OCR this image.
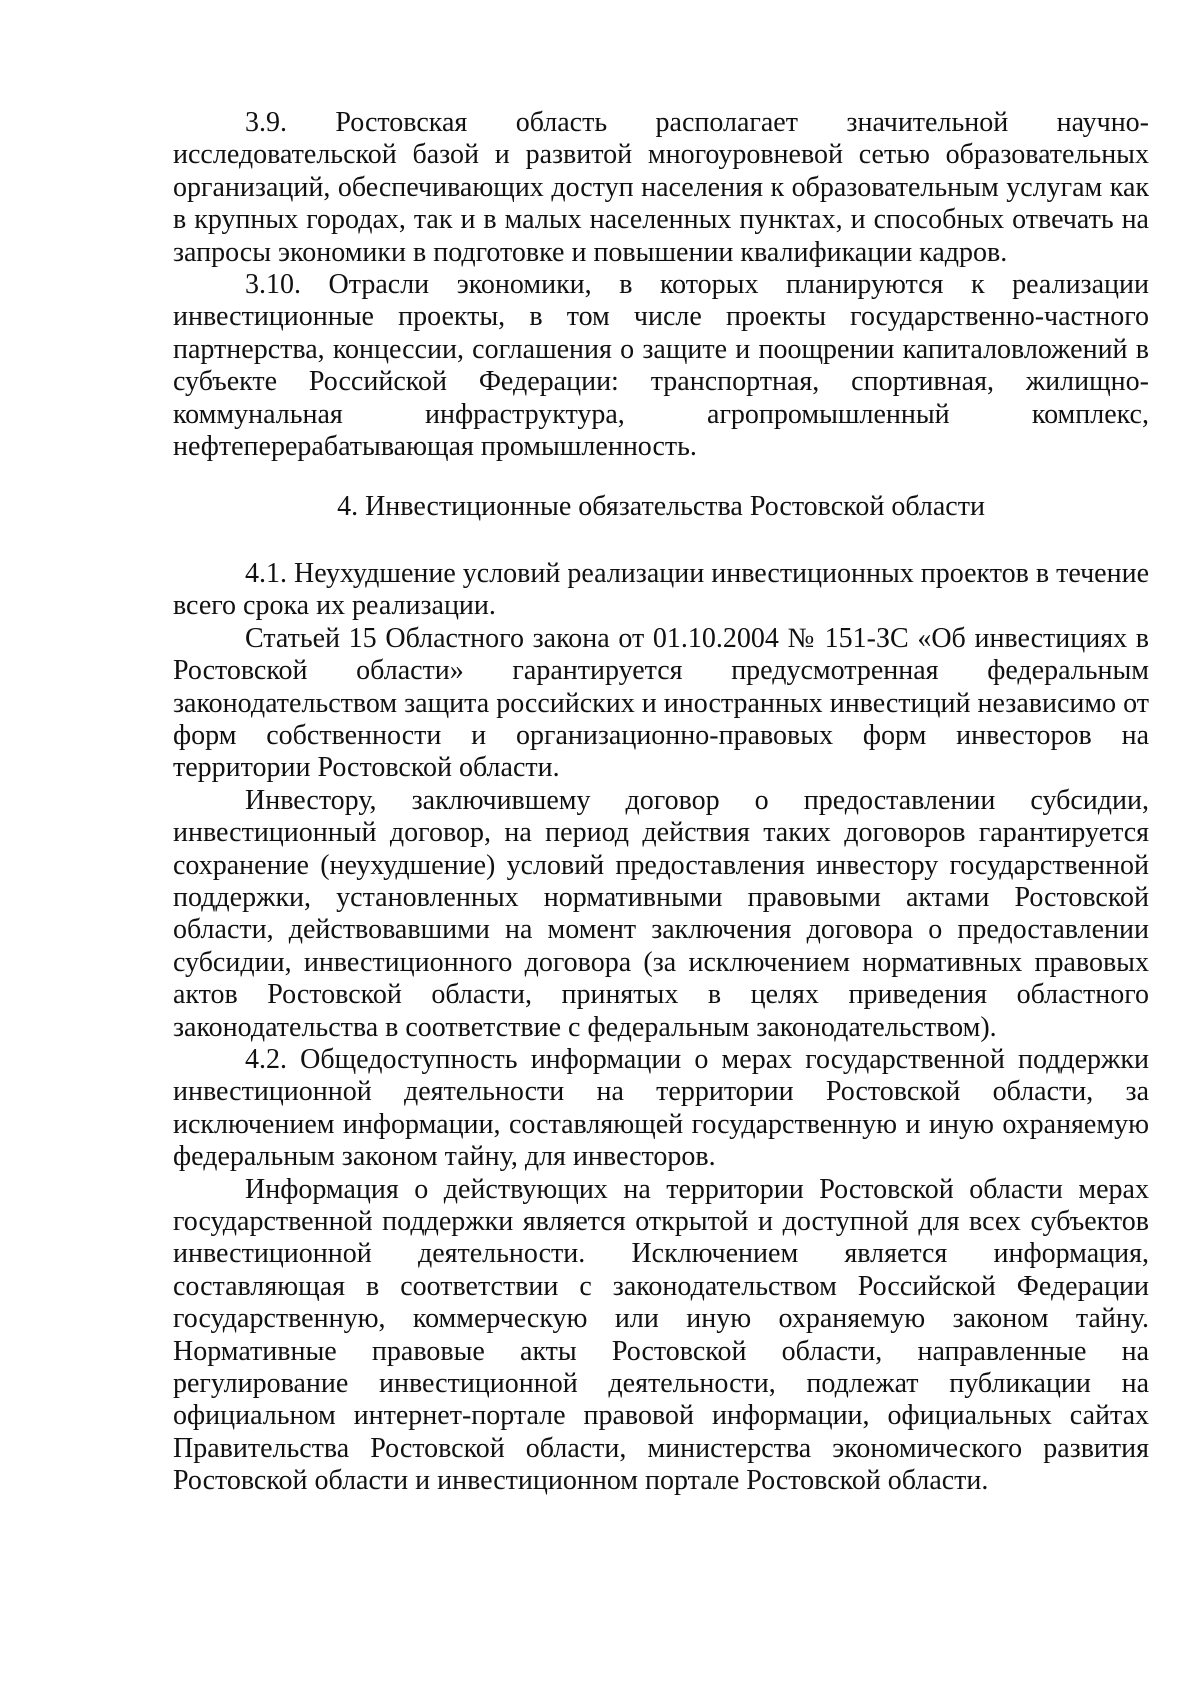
3.9. Ростовская область располагает значительной научно-исследовательской базой и развитой многоуровневой сетью образовательных организаций, обеспечивающих доступ населения к образовательным услугам как в крупных городах, так и в малых населенных пунктах, и способных отвечать на запросы экономики в подготовке и повышении квалификации кадров.

3.10. Отрасли экономики, в которых планируются к реализации инвестиционные проекты, в том числе проекты государственно-частного партнерства, концессии, соглашения о защите и поощрении капиталовложений в субъекте Российской Федерации: транспортная, спортивная, жилищно-коммунальная инфраструктура, агропромышленный комплекс, нефтеперерабатывающая промышленность.

4. Инвестиционные обязательства Ростовской области

4.1. Неухудшение условий реализации инвестиционных проектов в течение всего срока их реализации.

Статьей 15 Областного закона от 01.10.2004 № 151-ЗС «Об инвестициях в Ростовской области» гарантируется предусмотренная федеральным законодательством защита российских и иностранных инвестиций независимо от форм собственности и организационно-правовых форм инвесторов на территории Ростовской области.

Инвестору, заключившему договор о предоставлении субсидии, инвестиционный договор, на период действия таких договоров гарантируется сохранение (неухудшение) условий предоставления инвестору государственной поддержки, установленных нормативными правовыми актами Ростовской области, действовавшими на момент заключения договора о предоставлении субсидии, инвестиционного договора (за исключением нормативных правовых актов Ростовской области, принятых в целях приведения областного законодательства в соответствие с федеральным законодательством).

4.2. Общедоступность информации о мерах государственной поддержки инвестиционной деятельности на территории Ростовской области, за исключением информации, составляющей государственную и иную охраняемую федеральным законом тайну, для инвесторов.

Информация о действующих на территории Ростовской области мерах государственной поддержки является открытой и доступной для всех субъектов инвестиционной деятельности. Исключением является информация, составляющая в соответствии с законодательством Российской Федерации государственную, коммерческую или иную охраняемую законом тайну. Нормативные правовые акты Ростовской области, направленные на регулирование инвестиционной деятельности, подлежат публикации на официальном интернет-портале правовой информации, официальных сайтах Правительства Ростовской области, министерства экономического развития Ростовской области и инвестиционном портале Ростовской области.
